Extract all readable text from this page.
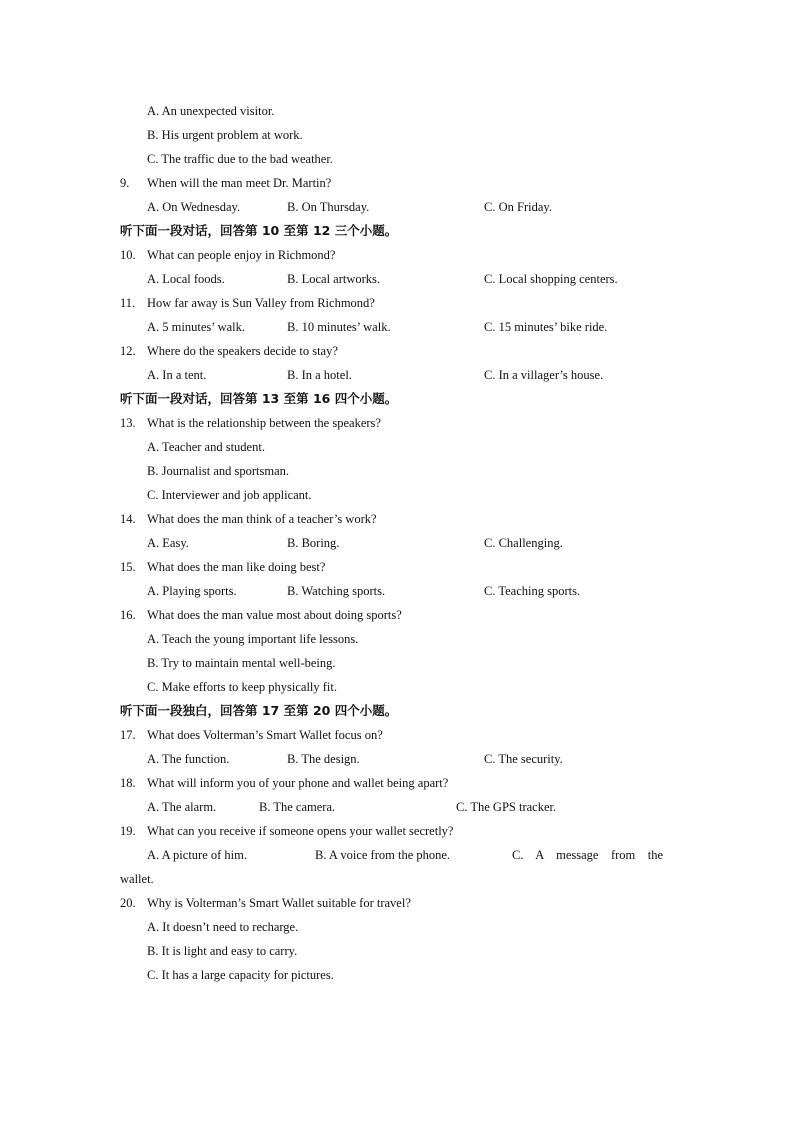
A. An unexpected visitor.
B. His urgent problem at work.
C. The traffic due to the bad weather.
9. When will the man meet Dr. Martin?
A. On Wednesday.	B. On Thursday.	C. On Friday.
听下面一段对话，回答第 10 至第 12 三个小题。
10. What can people enjoy in Richmond?
A. Local foods.	B. Local artworks.	C. Local shopping centers.
11. How far away is Sun Valley from Richmond?
A. 5 minutes’ walk.	B. 10 minutes’ walk.	C. 15 minutes’ bike ride.
12. Where do the speakers decide to stay?
A. In a tent.	B. In a hotel.	C. In a villager’s house.
听下面一段对话，回答第 13 至第 16 四个小题。
13. What is the relationship between the speakers?
A. Teacher and student.
B. Journalist and sportsman.
C. Interviewer and job applicant.
14. What does the man think of a teacher’s work?
A. Easy.	B. Boring.	C. Challenging.
15. What does the man like doing best?
A. Playing sports.	B. Watching sports.	C. Teaching sports.
16. What does the man value most about doing sports?
A. Teach the young important life lessons.
B. Try to maintain mental well-being.
C. Make efforts to keep physically fit.
听下面一段独白，回答第 17 至第 20 四个小题。
17. What does Volterman’s Smart Wallet focus on?
A. The function.	B. The design.	C. The security.
18. What will inform you of your phone and wallet being apart?
A. The alarm.	B. The camera.	C. The GPS tracker.
19. What can you receive if someone opens your wallet secretly?
A. A picture of him.	B. A voice from the phone.	C.    A    message    from    the
wallet.
20. Why is Volterman’s Smart Wallet suitable for travel?
A. It doesn’t need to recharge.
B. It is light and easy to carry.
C. It has a large capacity for pictures.
